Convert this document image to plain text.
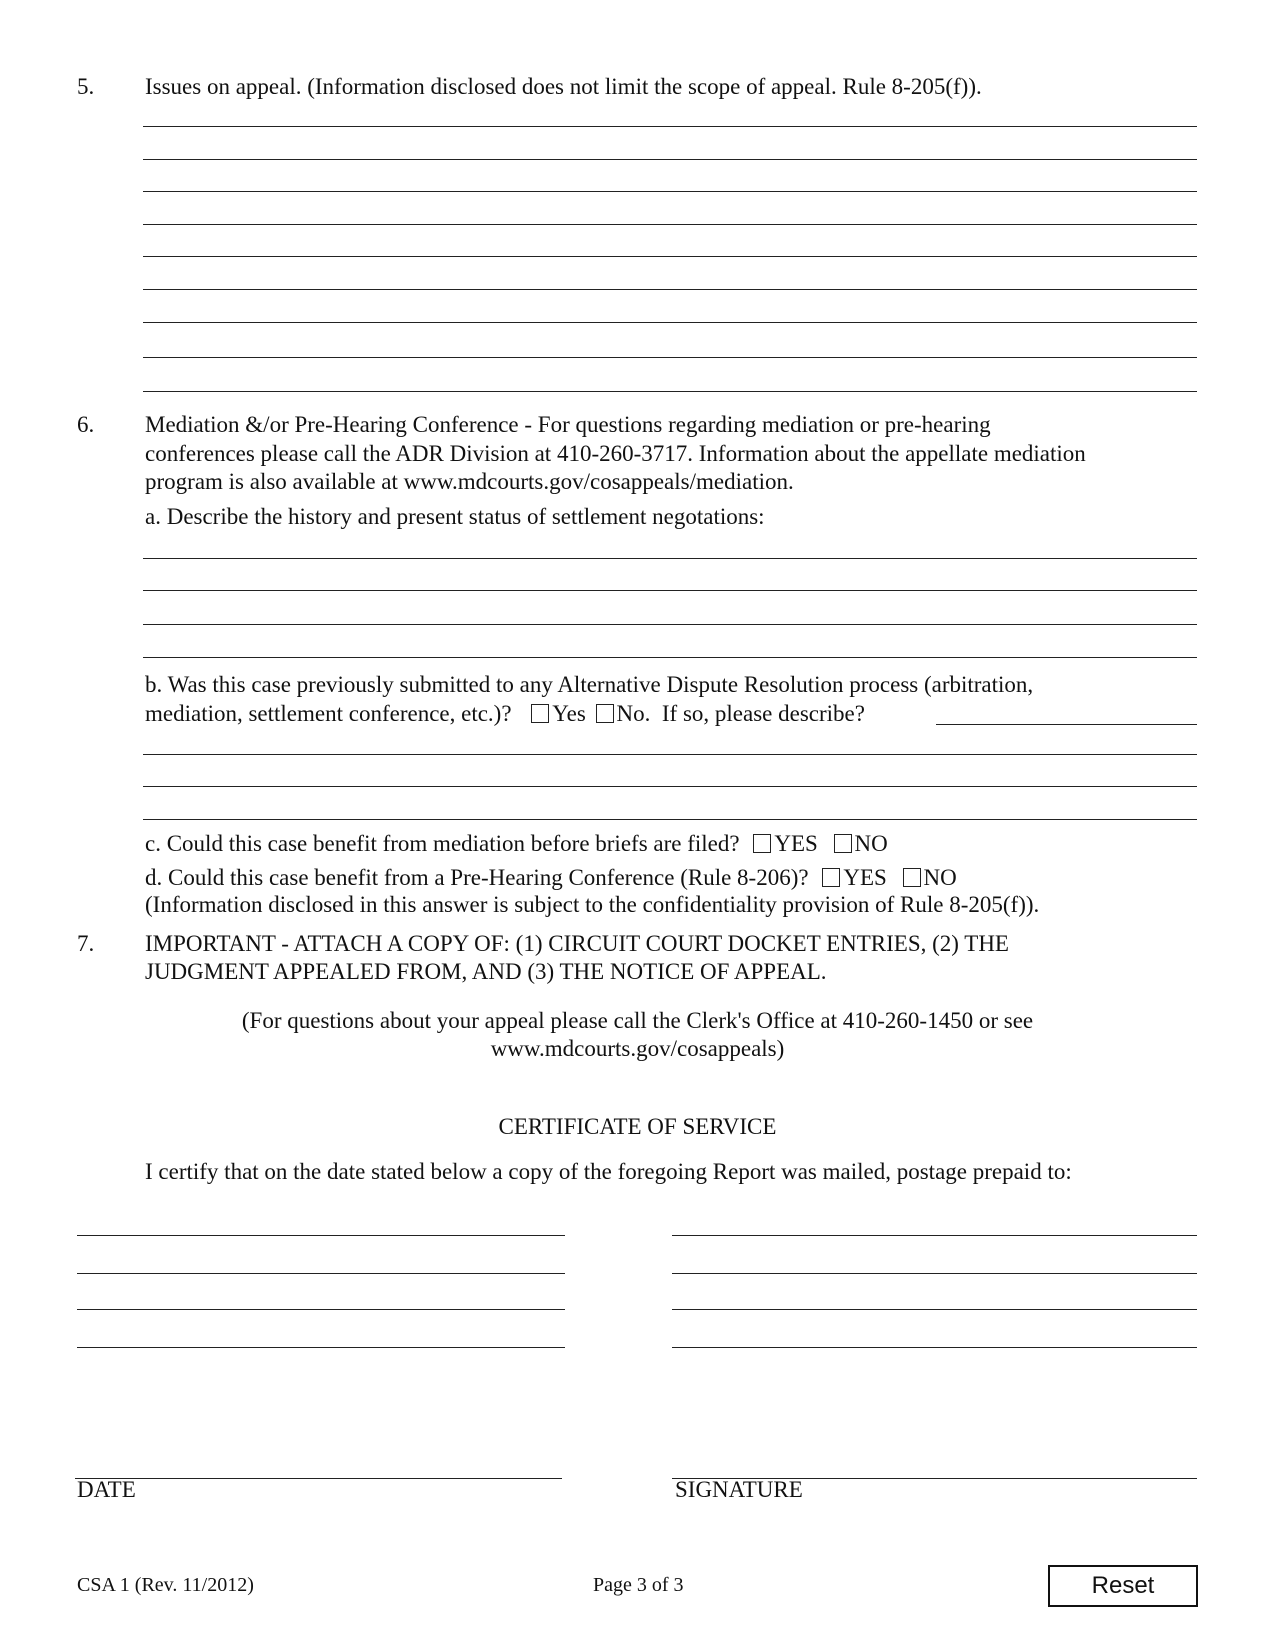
5. Issues on appeal. (Information disclosed does not limit the scope of appeal. Rule 8-205(f)).
6. Mediation &/or Pre-Hearing Conference - For questions regarding mediation or pre-hearing
conferences please call the ADR Division at 410-260-3717. Information about the appellate mediation
program is also available at www.mdcourts.gov/cosappeals/mediation.
a. Describe the history and present status of settlement negotations:
b. Was this case previously submitted to any Alternative Dispute Resolution process (arbitration,
mediation, settlement conference, etc.)? Yes No. If so, please describe?
c. Could this case benefit from mediation before briefs are filed? YES NO
d. Could this case benefit from a Pre-Hearing Conference (Rule 8-206)? YES NO
(Information disclosed in this answer is subject to the confidentiality provision of Rule 8-205(f)).
7. IMPORTANT - ATTACH A COPY OF: (1) CIRCUIT COURT DOCKET ENTRIES, (2) THE
JUDGMENT APPEALED FROM, AND (3) THE NOTICE OF APPEAL.
(For questions about your appeal please call the Clerk's Office at 410-260-1450 or see
www.mdcourts.gov/cosappeals)
CERTIFICATE OF SERVICE
I certify that on the date stated below a copy of the foregoing Report was mailed, postage prepaid to:
DATE	SIGNATURE
CSA 1 (Rev. 11/2012)	Page 3 of 3	Reset
